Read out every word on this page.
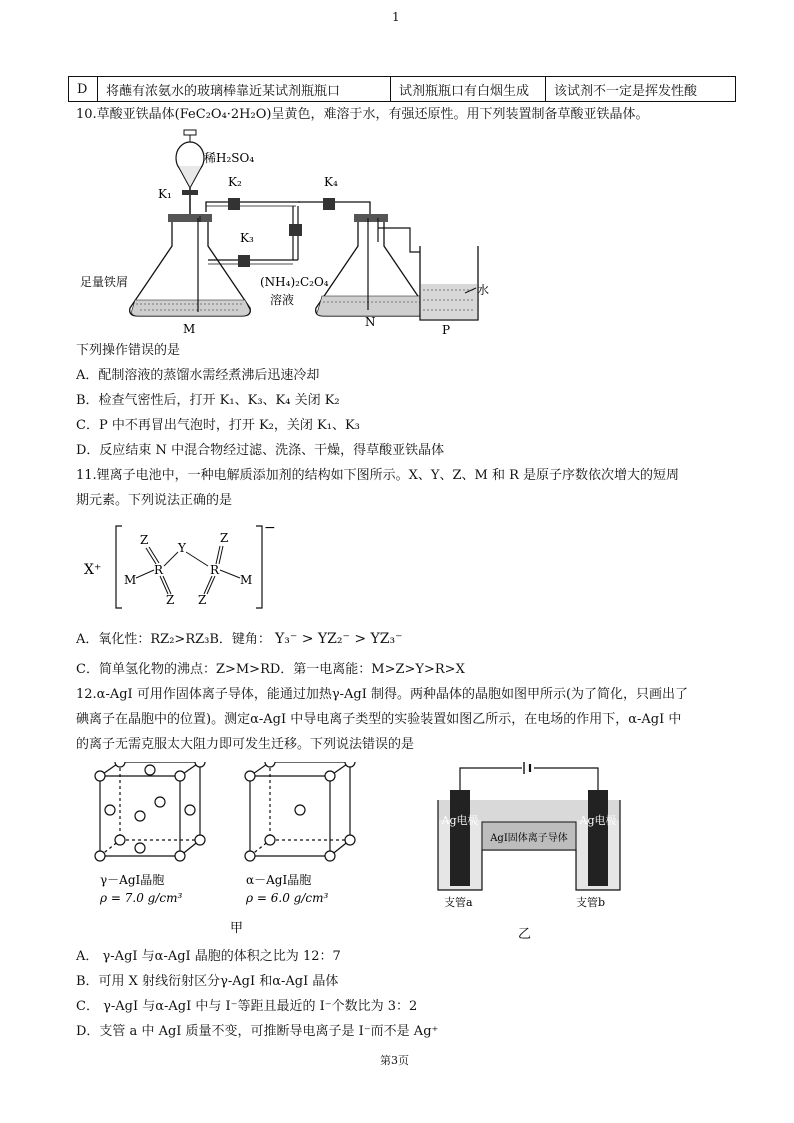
1
D	将蘸有浓氨水的玻璃棒靠近某试剂瓶瓶口	试剂瓶瓶口有白烟生成	该试剂不一定是挥发性酸
10.草酸亚铁晶体(FeC₂O₄·2H₂O)呈黄色，难溶于水，有强还原性。用下列装置制备草酸亚铁晶体。
稀H₂SO₄
K₁
K₂	K₄
K₃
足量铁屑	(NH₄)₂C₂O₄
溶液
水
M	N
P
下列操作错误的是
A．配制溶液的蒸馏水需经煮沸后迅速冷却
B．检查气密性后，打开 K₁、K₃、K₄ 关闭 K₂
C．P 中不再冒出气泡时，打开 K₂，关闭 K₁、K₃
D．反应结束 N 中混合物经过滤、洗涤、干燥，得草酸亚铁晶体
11.锂离子电池中，一种电解质添加剂的结构如下图所示。X、Y、Z、M 和 R 是原子序数依次增大的短周
期元素。下列说法正确的是
X⁺
−
Z
Y
Z
R	R
M	M
Z Z
A．氧化性：RZ₂>RZ₃B．键角： Y₃⁻ > YZ₂⁻ > YZ₃⁻
C．简单氢化物的沸点：Z>M>RD．第一电离能：M>Z>Y>R>X
12.α-AgI 可用作固体离子导体，能通过加热γ-AgI 制得。两种晶体的晶胞如图甲所示(为了简化，只画出了
碘离子在晶胞中的位置)。测定α-AgI 中导电离子类型的实验装置如图乙所示，在电场的作用下，α-AgI 中
的离子无需克服太大阻力即可发生迁移。下列说法错误的是
γ－AgI晶胞
ρ = 7.0 g/cm³
α－AgI晶胞
ρ = 6.0 g/cm³
甲
Ag电极	Ag电极
AgI固体离子导体
支管a	支管b
乙
A． γ-AgI 与α-AgI 晶胞的体积之比为 12：7
B．可用 X 射线衍射区分γ-AgI 和α-AgI 晶体
C． γ-AgI 与α-AgI 中与 I⁻等距且最近的 I⁻个数比为 3：2
D．支管 a 中 AgI 质量不变，可推断导电离子是 I⁻而不是 Ag⁺
第3页
